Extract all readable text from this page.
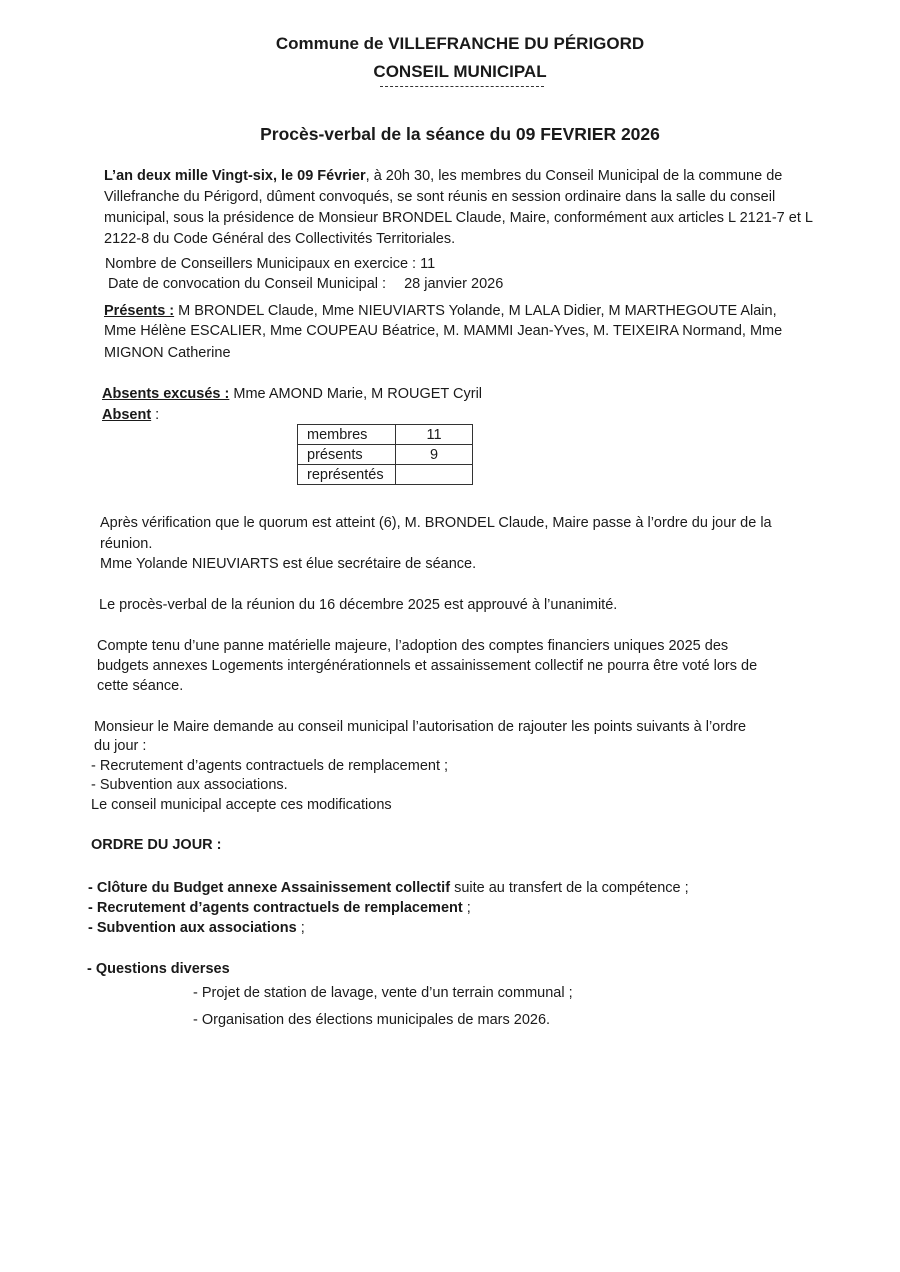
Commune de VILLEFRANCHE DU PÉRIGORD
CONSEIL MUNICIPAL
Procès-verbal de la séance du 09 FEVRIER 2026
L’an deux mille Vingt-six, le 09 Février, à 20h 30, les membres du Conseil Municipal de la commune de Villefranche du Périgord, dûment convoqués, se sont réunis en session ordinaire dans la salle du conseil municipal, sous la présidence de Monsieur BRONDEL Claude, Maire, conformément aux articles L 2121-7 et L 2122-8 du Code Général des Collectivités Territoriales.
Nombre de Conseillers Municipaux en exercice : 11
Date de convocation du Conseil Municipal : 28 janvier 2026
Présents : M BRONDEL Claude, Mme NIEUVIARTS Yolande, M LALA Didier, M MARTHEGOUTE Alain,
Mme Hélène ESCALIER, Mme COUPEAU Béatrice, M. MAMMI Jean-Yves, M. TEIXEIRA Normand, Mme
MIGNON Catherine
Absents excusés : Mme AMOND Marie, M ROUGET Cyril
Absent :
membres	11
présents	9
représentés	
Après vérification que le quorum est atteint (6), M. BRONDEL Claude, Maire passe à l’ordre du jour de la
réunion.
Mme Yolande NIEUVIARTS est élue secrétaire de séance.
Le procès-verbal de la réunion du 16 décembre 2025 est approuvé à l’unanimité.
Compte tenu d’une panne matérielle majeure, l’adoption des comptes financiers uniques 2025 des
budgets annexes Logements intergénérationnels et assainissement collectif ne pourra être voté lors de
cette séance.
Monsieur le Maire demande au conseil municipal l’autorisation de rajouter les points suivants à l’ordre
du jour :
- Recrutement d’agents contractuels de remplacement ;
- Subvention aux associations.
Le conseil municipal accepte ces modifications
ORDRE DU JOUR :
- Clôture du Budget annexe Assainissement collectif suite au transfert de la compétence ;
- Recrutement d’agents contractuels de remplacement ;
- Subvention aux associations ;
- Questions diverses
- Projet de station de lavage, vente d’un terrain communal ;
- Organisation des élections municipales de mars 2026.
